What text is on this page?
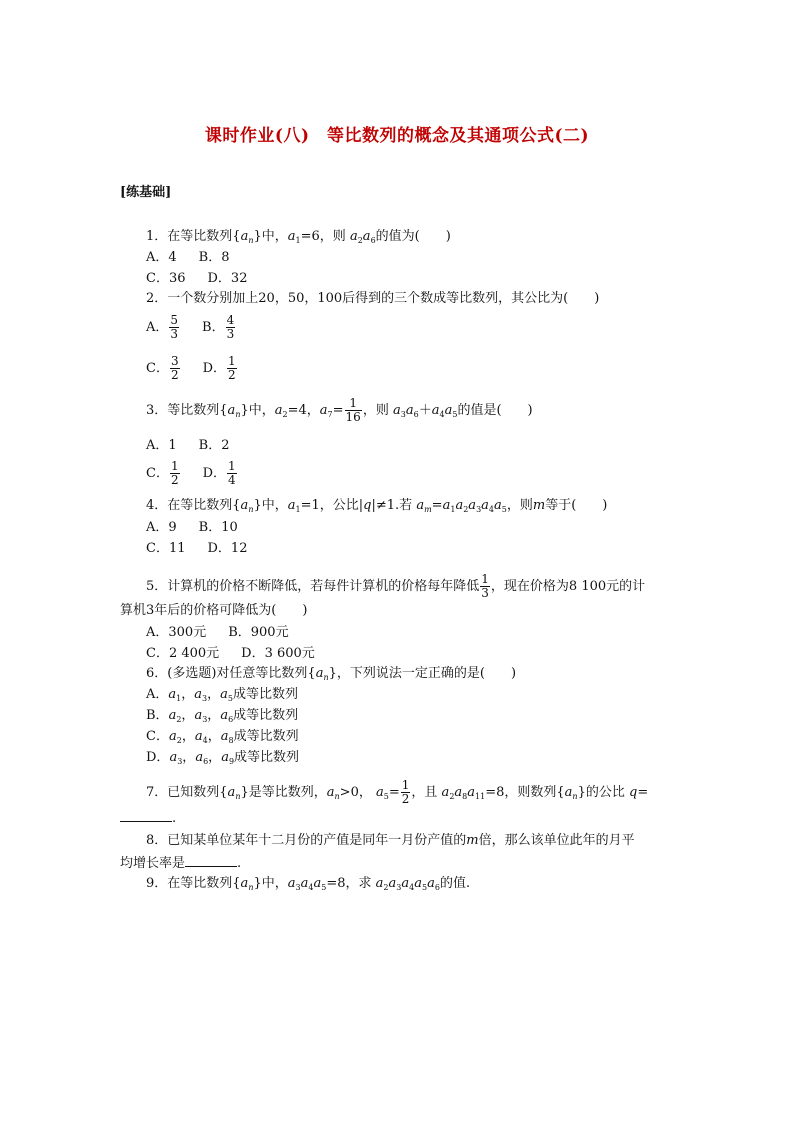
课时作业(八)　等比数列的概念及其通项公式(二)
[练基础]
1．在等比数列$\{a_n\}$中，$a_1=6$，则 $a_2a_6$的值为(　　)
A．4 B．8
C．36 D．32
2．一个数分别加上20，50，100后得到的三个数成等比数列，其公比为(　　)
A． $\frac{5}{3}$ B． $\frac{4}{3}$
C． $\frac{3}{2}$ D． $\frac{1}{2}$
3．等比数列$\{a_n\}$中，$a_2=4$，$a_7= \frac{1}{16}$ ，则 $a_3a_6+a_4a_5$的值是(　　)
A．1 B．2
C． $\frac{1}{2}$ D． $\frac{1}{4}$
4．在等比数列$\{a_n\}$中，$a_1=1$，公比|q|≠1.若 $a_m=a_1a_2a_3a_4a_5$，则m等于(　　)
A．9 B．10
C．11 D．12
5．计算机的价格不断降低，若每件计算机的价格每年降低 $\frac{1}{3}$ ，现在价格为8 100元的计
算机3年后的价格可降低为(　　)
A．300元 B．900元
C．2 400元 D．3 600元
6．(多选题)对任意等比数列$\{a_n\}$，下列说法一定正确的是(　　)
A．$a_1$，$a_3$，$a_5$成等比数列
B．$a_2$，$a_3$，$a_6$成等比数列
C．$a_2$，$a_4$，$a_8$成等比数列
D．$a_3$，$a_6$，$a_9$成等比数列
7．已知数列$\{a_n\}$是等比数列，$a_n>0$， $a_5= \frac{1}{2}$ ，且 $a_2a_8a_{11}=8$，则数列$\{a_n\}$的公比 q=
.
8．已知某单位某年十二月份的产值是同年一月份产值的m倍，那么该单位此年的月平
均增长率是	.
9．在等比数列$\{a_n\}$中，$a_3a_4a_5=8$，求 $a_2a_3a_4a_5a_6$的值.
